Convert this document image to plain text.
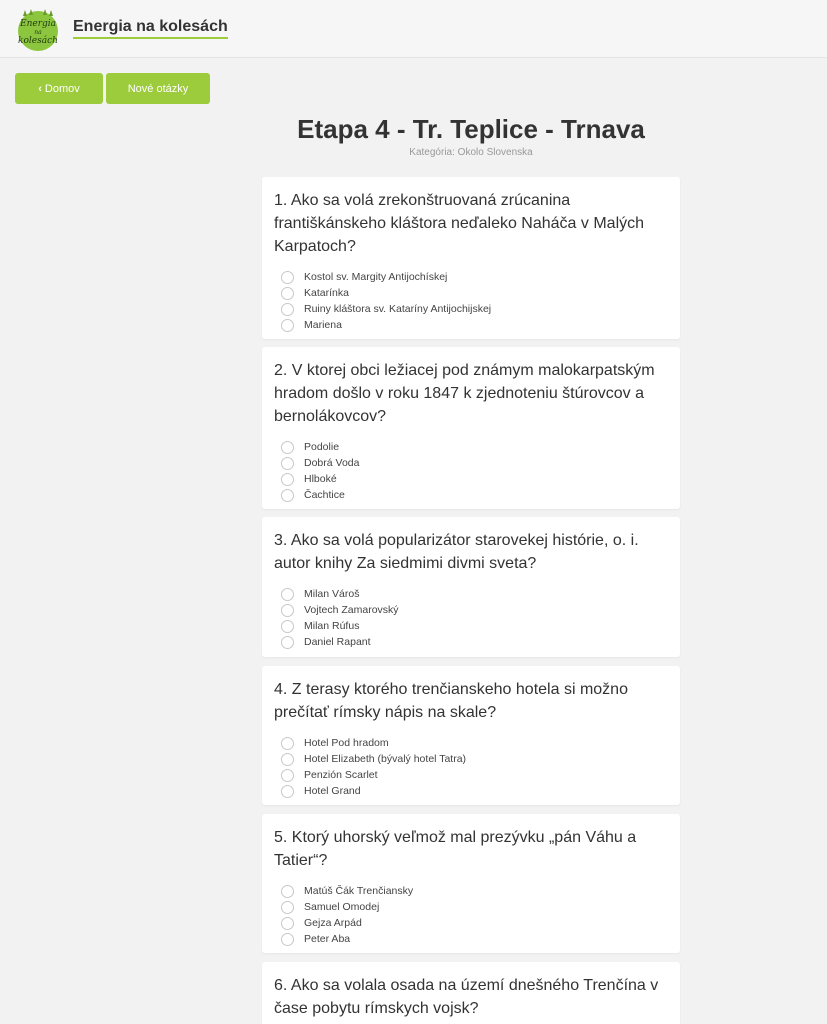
Energia
na
kolesách
Energia na kolesách
‹ Domov	Nové otázky
Etapa 4 - Tr. Teplice - Trnava
Kategória: Okolo Slovenska

1. Ako sa volá zrekonštruovaná zrúcanina františkánskeho kláštora neďaleko Naháča v Malých Karpatoch?

Kostol sv. Margity Antijochískej
Katarínka
Ruiny kláštora sv. Kataríny Antijochijskej
Mariena

2. V ktorej obci ležiacej pod známym malokarpatským hradom došlo v roku 1847 k zjednoteniu štúrovcov a bernolákovcov?

Podolie
Dobrá Voda
Hlboké
Čachtice

3. Ako sa volá popularizátor starovekej histórie, o. i. autor knihy Za siedmimi divmi sveta?

Milan Vároš
Vojtech Zamarovský
Milan Rúfus
Daniel Rapant

4. Z terasy ktorého trenčianskeho hotela si možno prečítať rímsky nápis na skale?

Hotel Pod hradom
Hotel Elizabeth (bývalý hotel Tatra)
Penzión Scarlet
Hotel Grand

5. Ktorý uhorský veľmož mal prezývku „pán Váhu a Tatier“?

Matúš Čák Trenčiansky
Samuel Omodej
Gejza Arpád
Peter Aba

6. Ako sa volala osada na území dnešného Trenčína v čase pobytu rímskych vojsk?
